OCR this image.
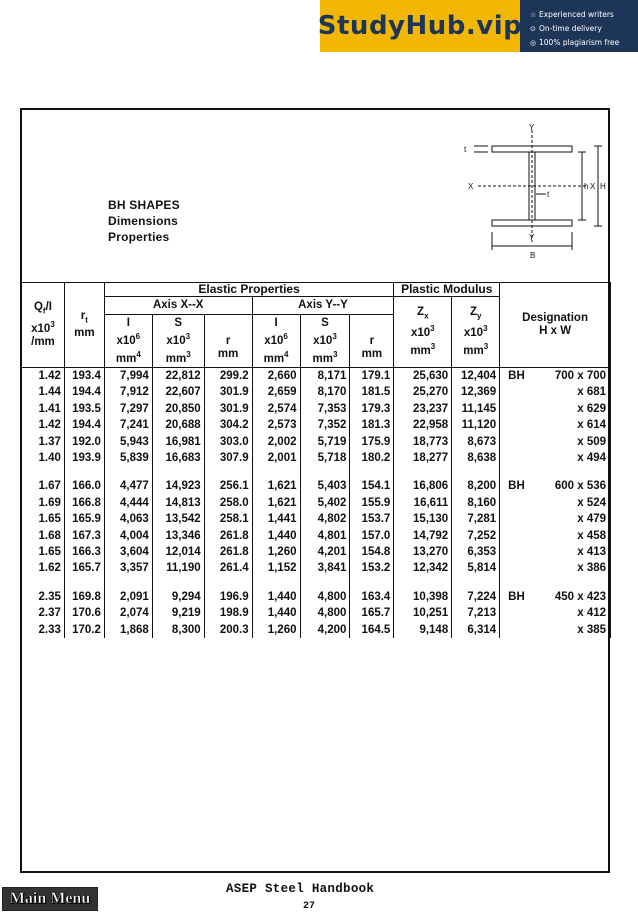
StudyHub.vip ☆ Experienced writers
⊙ On-time delivery
◎ 100% plagiarism free
BH SHAPES
Dimensions
Properties
t
t
X	X
Y
Y
h H
B
$Q_f/I$
$x10^3$
/mm	$r_t$
mm	Elastic Properties						Plastic Modulus		Designation
H x W
		Axis X--X			Axis Y--Y			$Z_x$
$x10^3$
$mm^3$	$Z_y$
$x10^3$
$mm^3$
		I
$x10^6$
$mm^4$	S
$x10^3$
$mm^3$	r
mm	I
$x10^6$
$mm^4$	S
$x10^3$
$mm^3$	r
mm			
1.42	193.4	7,994	22,812	299.2	2,660	8,171	179.1	25,630	12,404	BH 700 x 700
1.44	194.4	7,912	22,607	301.9	2,659	8,170	181.5	25,270	12,369	x 681
1.41	193.5	7,297	20,850	301.9	2,574	7,353	179.3	23,237	11,145	x 629
1.42	194.4	7,241	20,688	304.2	2,573	7,352	181.3	22,958	11,120	x 614
1.37	192.0	5,943	16,981	303.0	2,002	5,719	175.9	18,773	8,673	x 509
1.40	193.9	5,839	16,683	307.9	2,001	5,718	180.2	18,277	8,638	x 494

1.67	166.0	4,477	14,923	256.1	1,621	5,403	154.1	16,806	8,200	BH 600 x 536
1.69	166.8	4,444	14,813	258.0	1,621	5,402	155.9	16,611	8,160	x 524
1.65	165.9	4,063	13,542	258.1	1,441	4,802	153.7	15,130	7,281	x 479
1.68	167.3	4,004	13,346	261.8	1,440	4,801	157.0	14,792	7,252	x 458
1.65	166.3	3,604	12,014	261.8	1,260	4,201	154.8	13,270	6,353	x 413
1.62	165.7	3,357	11,190	261.4	1,152	3,841	153.2	12,342	5,814	x 386

2.35	169.8	2,091	9,294	196.9	1,440	4,800	163.4	10,398	7,224	BH 450 x 423
2.37	170.6	2,074	9,219	198.9	1,440	4,800	165.7	10,251	7,213	x 412
2.33	170.2	1,868	8,300	200.3	1,260	4,200	164.5	9,148	6,314	x 385
ASEP Steel Handbook
27
Main Menu
